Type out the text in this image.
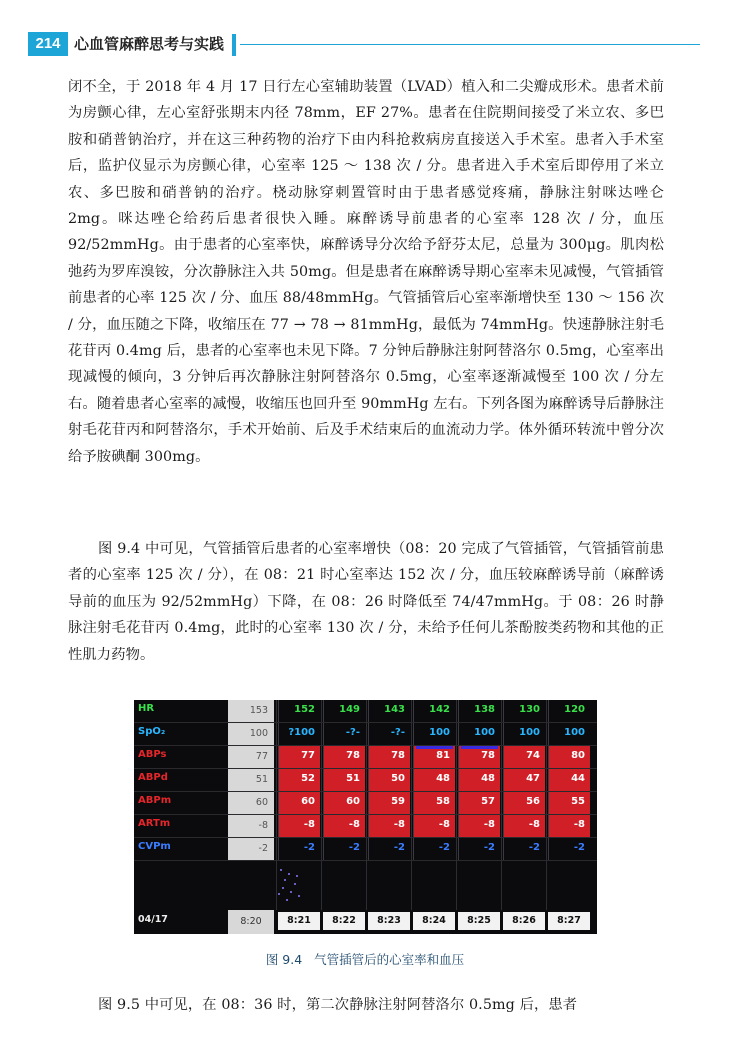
214 心血管麻醉思考与实践
闭不全，于 2018 年 4 月 17 日行左心室辅助装置（LVAD）植入和二尖瓣成形术。患者术前为房颤心律，左心室舒张期末内径 78mm，EF 27%。患者在住院期间接受了米立农、多巴胺和硝普钠治疗，并在这三种药物的治疗下由内科抢救病房直接送入手术室。患者入手术室后，监护仪显示为房颤心律，心室率 125 ～ 138 次 / 分。患者进入手术室后即停用了米立农、多巴胺和硝普钠的治疗。桡动脉穿刺置管时由于患者感觉疼痛，静脉注射咪达唑仑 2mg。咪达唑仑给药后患者很快入睡。麻醉诱导前患者的心室率 128 次 / 分，血压 92/52mmHg。由于患者的心室率快，麻醉诱导分次给予舒芬太尼，总量为 300μg。肌肉松弛药为罗库溴铵，分次静脉注入共 50mg。但是患者在麻醉诱导期心室率未见减慢，气管插管前患者的心率 125 次 / 分、血压 88/48mmHg。气管插管后心室率渐增快至 130 ～ 156 次 / 分，血压随之下降，收缩压在 77 → 78 → 81mmHg，最低为 74mmHg。快速静脉注射毛花苷丙 0.4mg 后，患者的心室率也未见下降。7 分钟后静脉注射阿替洛尔 0.5mg，心室率出现减慢的倾向，3 分钟后再次静脉注射阿替洛尔 0.5mg，心室率逐渐减慢至 100 次 / 分左右。随着患者心室率的减慢，收缩压也回升至 90mmHg 左右。下列各图为麻醉诱导后静脉注射毛花苷丙和阿替洛尔，手术开始前、后及手术结束后的血流动力学。体外循环转流中曾分次给予胺碘酮 300mg。
图 9.4 中可见，气管插管后患者的心室率增快（08：20 完成了气管插管，气管插管前患者的心室率 125 次 / 分），在 08：21 时心室率达 152 次 / 分，血压较麻醉诱导前（麻醉诱导前的血压为 92/52mmHg）下降，在 08：26 时降低至 74/47mmHg。于 08：26 时静脉注射毛花苷丙 0.4mg，此时的心室率 130 次 / 分，未给予任何儿茶酚胺类药物和其他的正性肌力药物。
HR	153	152	149	143	142	138	130	120
SpO₂	100	?100	-?-	-?-	100	100	100	100
ABPs	77	77	78	78	81	78	74	80
ABPd	51	52	51	50	48	48	47	44
ABPm	60	60	60	59	58	57	56	55
ARTm	-8	-8	-8	-8	-8	-8	-8	-8
CVPm	-2	-2	-2	-2	-2	-2	-2	-2
04/17	8:20	8:21	8:22	8:23	8:24	8:25	8:26	8:27
图 9.4 气管插管后的心室率和血压
图 9.5 中可见，在 08：36 时，第二次静脉注射阿替洛尔 0.5mg 后，患者
